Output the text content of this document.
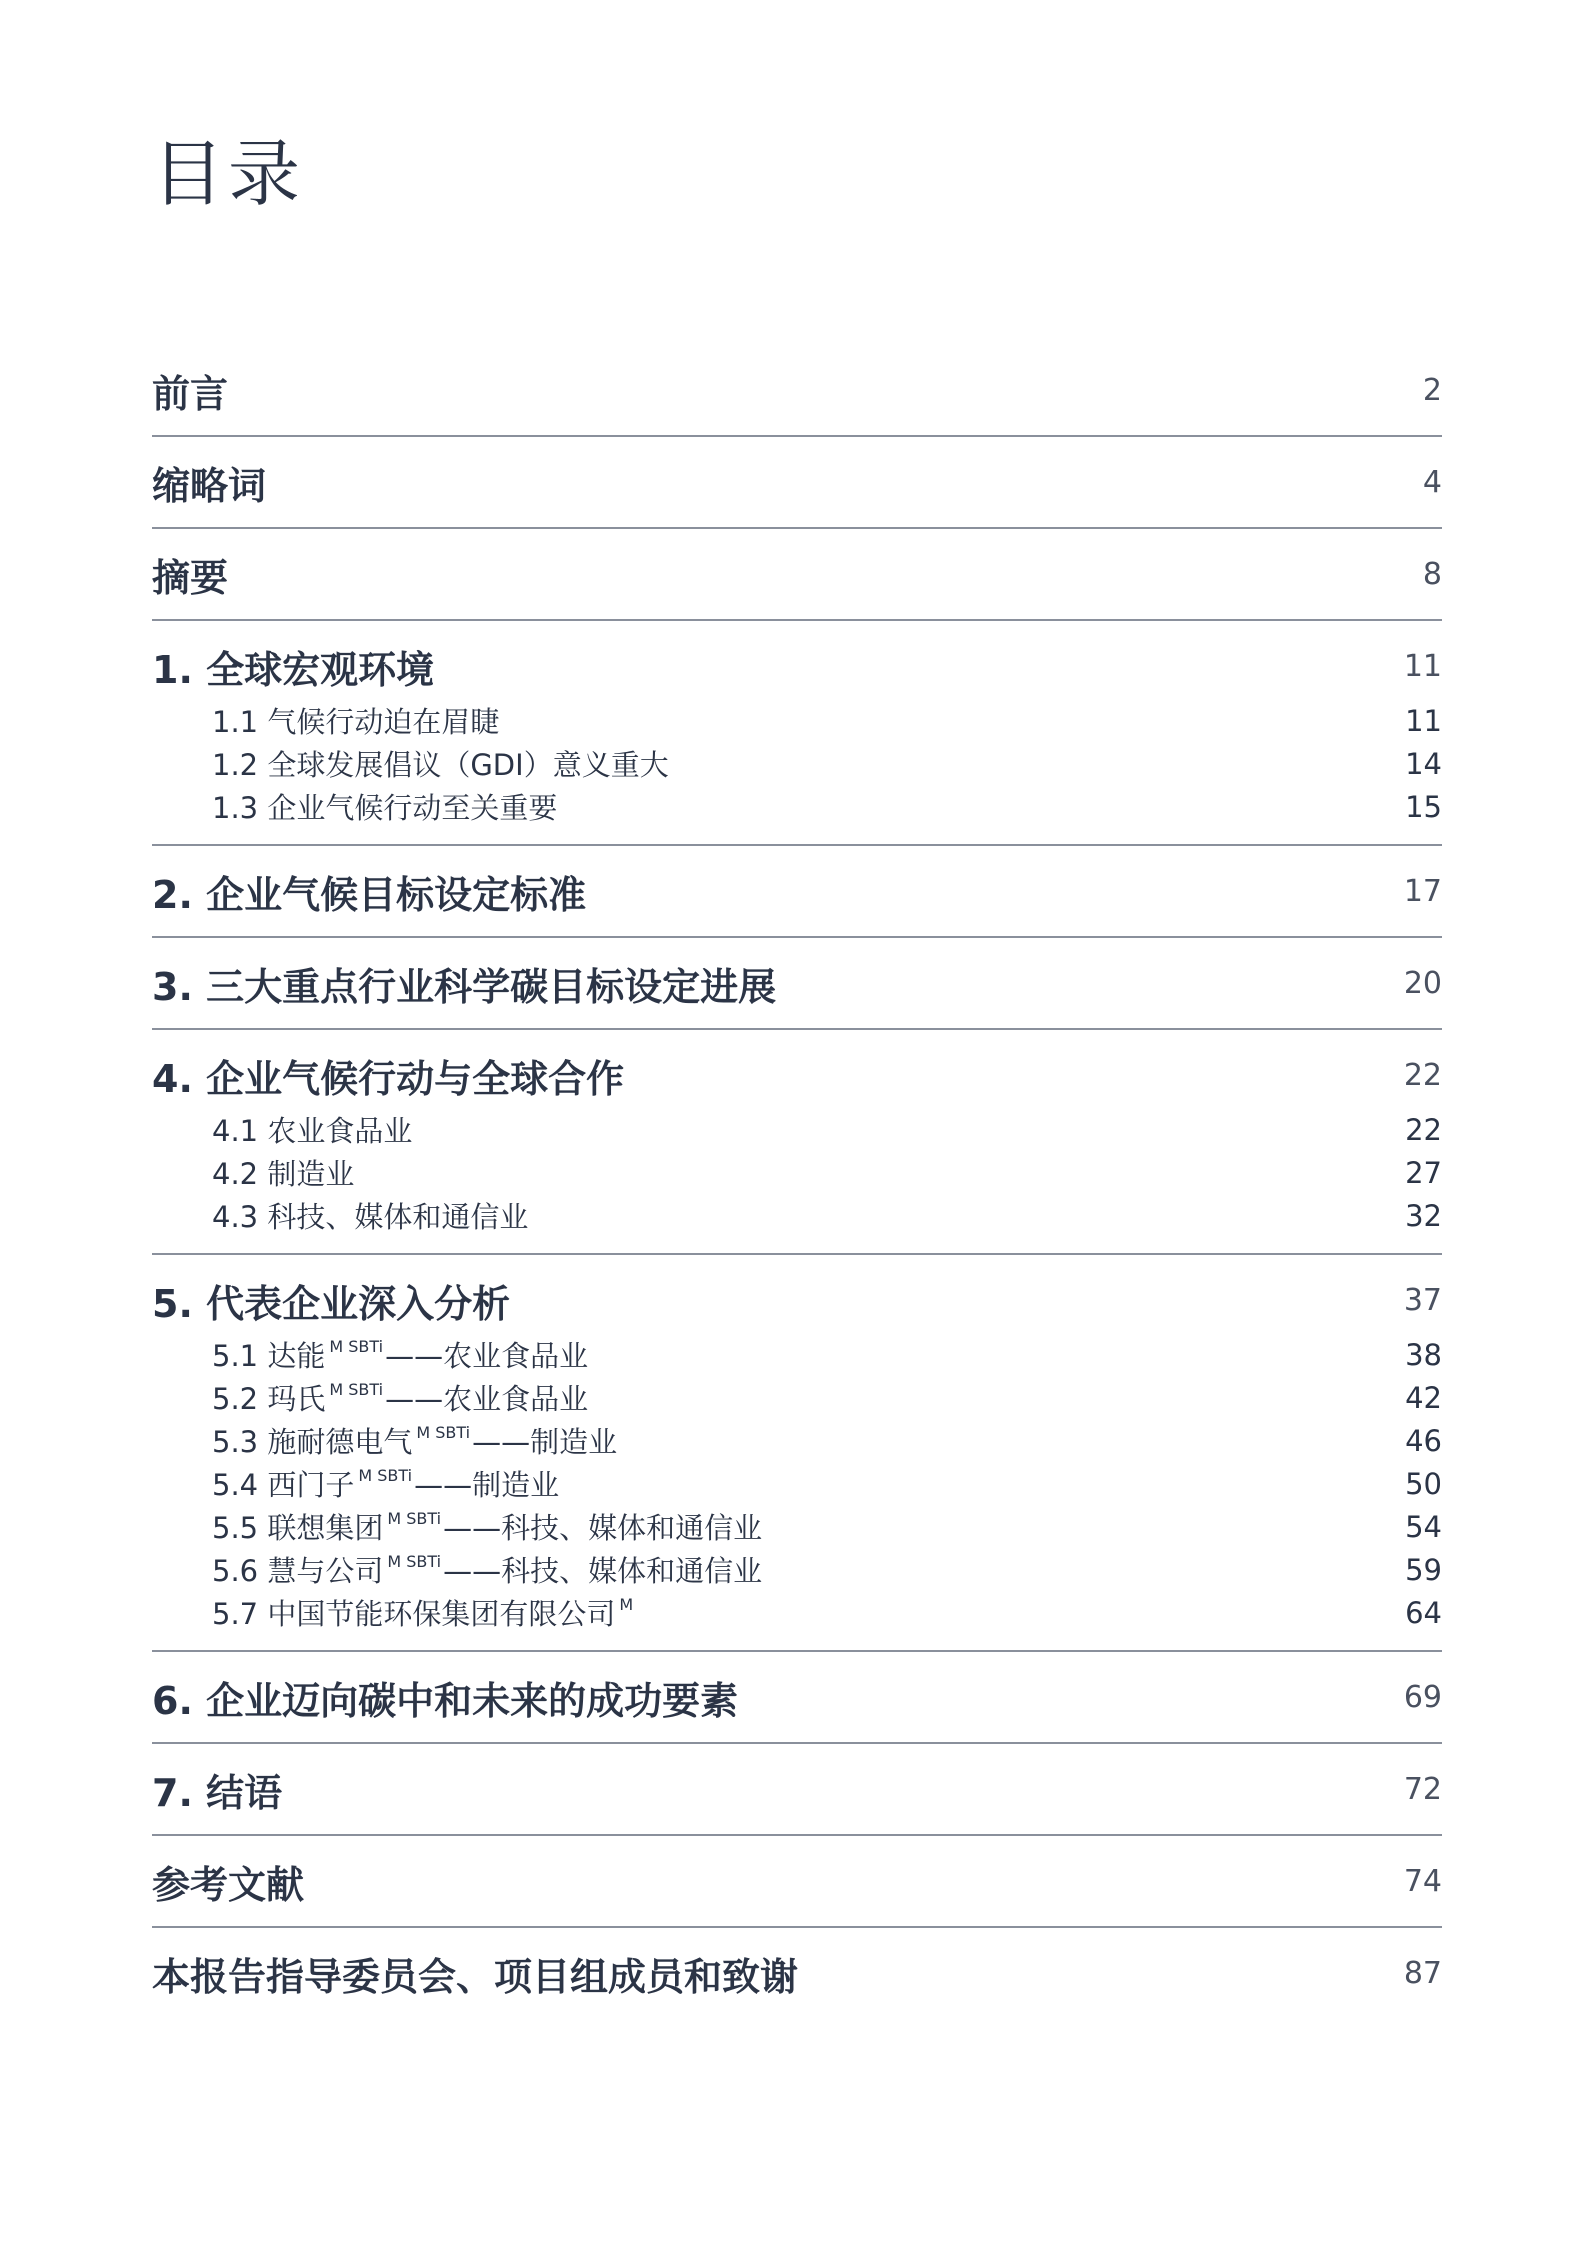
目录
前言	2
缩略词	4
摘要	8
1. 全球宏观环境	11
1.1 气候行动迫在眉睫	11
1.2 全球发展倡议（GDI）意义重大	14
1.3 企业气候行动至关重要	15
2. 企业气候目标设定标准	17
3. 三大重点行业科学碳目标设定进展	20
4. 企业气候行动与全球合作	22
4.1 农业食品业	22
4.2 制造业	27
4.3 科技、媒体和通信业	32
5. 代表企业深入分析	37
5.1 达能 $^{M SBTi}$——农业食品业	38
5.2 玛氏 $^{M SBTi}$——农业食品业	42
5.3 施耐德电气 $^{M SBTi}$——制造业	46
5.4 西门子 $^{M SBTi}$——制造业	50
5.5 联想集团 $^{M SBTi}$——科技、媒体和通信业	54
5.6 慧与公司 $^{M SBTi}$——科技、媒体和通信业	59
5.7 中国节能环保集团有限公司 $^M$	64
6. 企业迈向碳中和未来的成功要素	69
7. 结语	72
参考文献	74
本报告指导委员会、项目组成员和致谢	87
